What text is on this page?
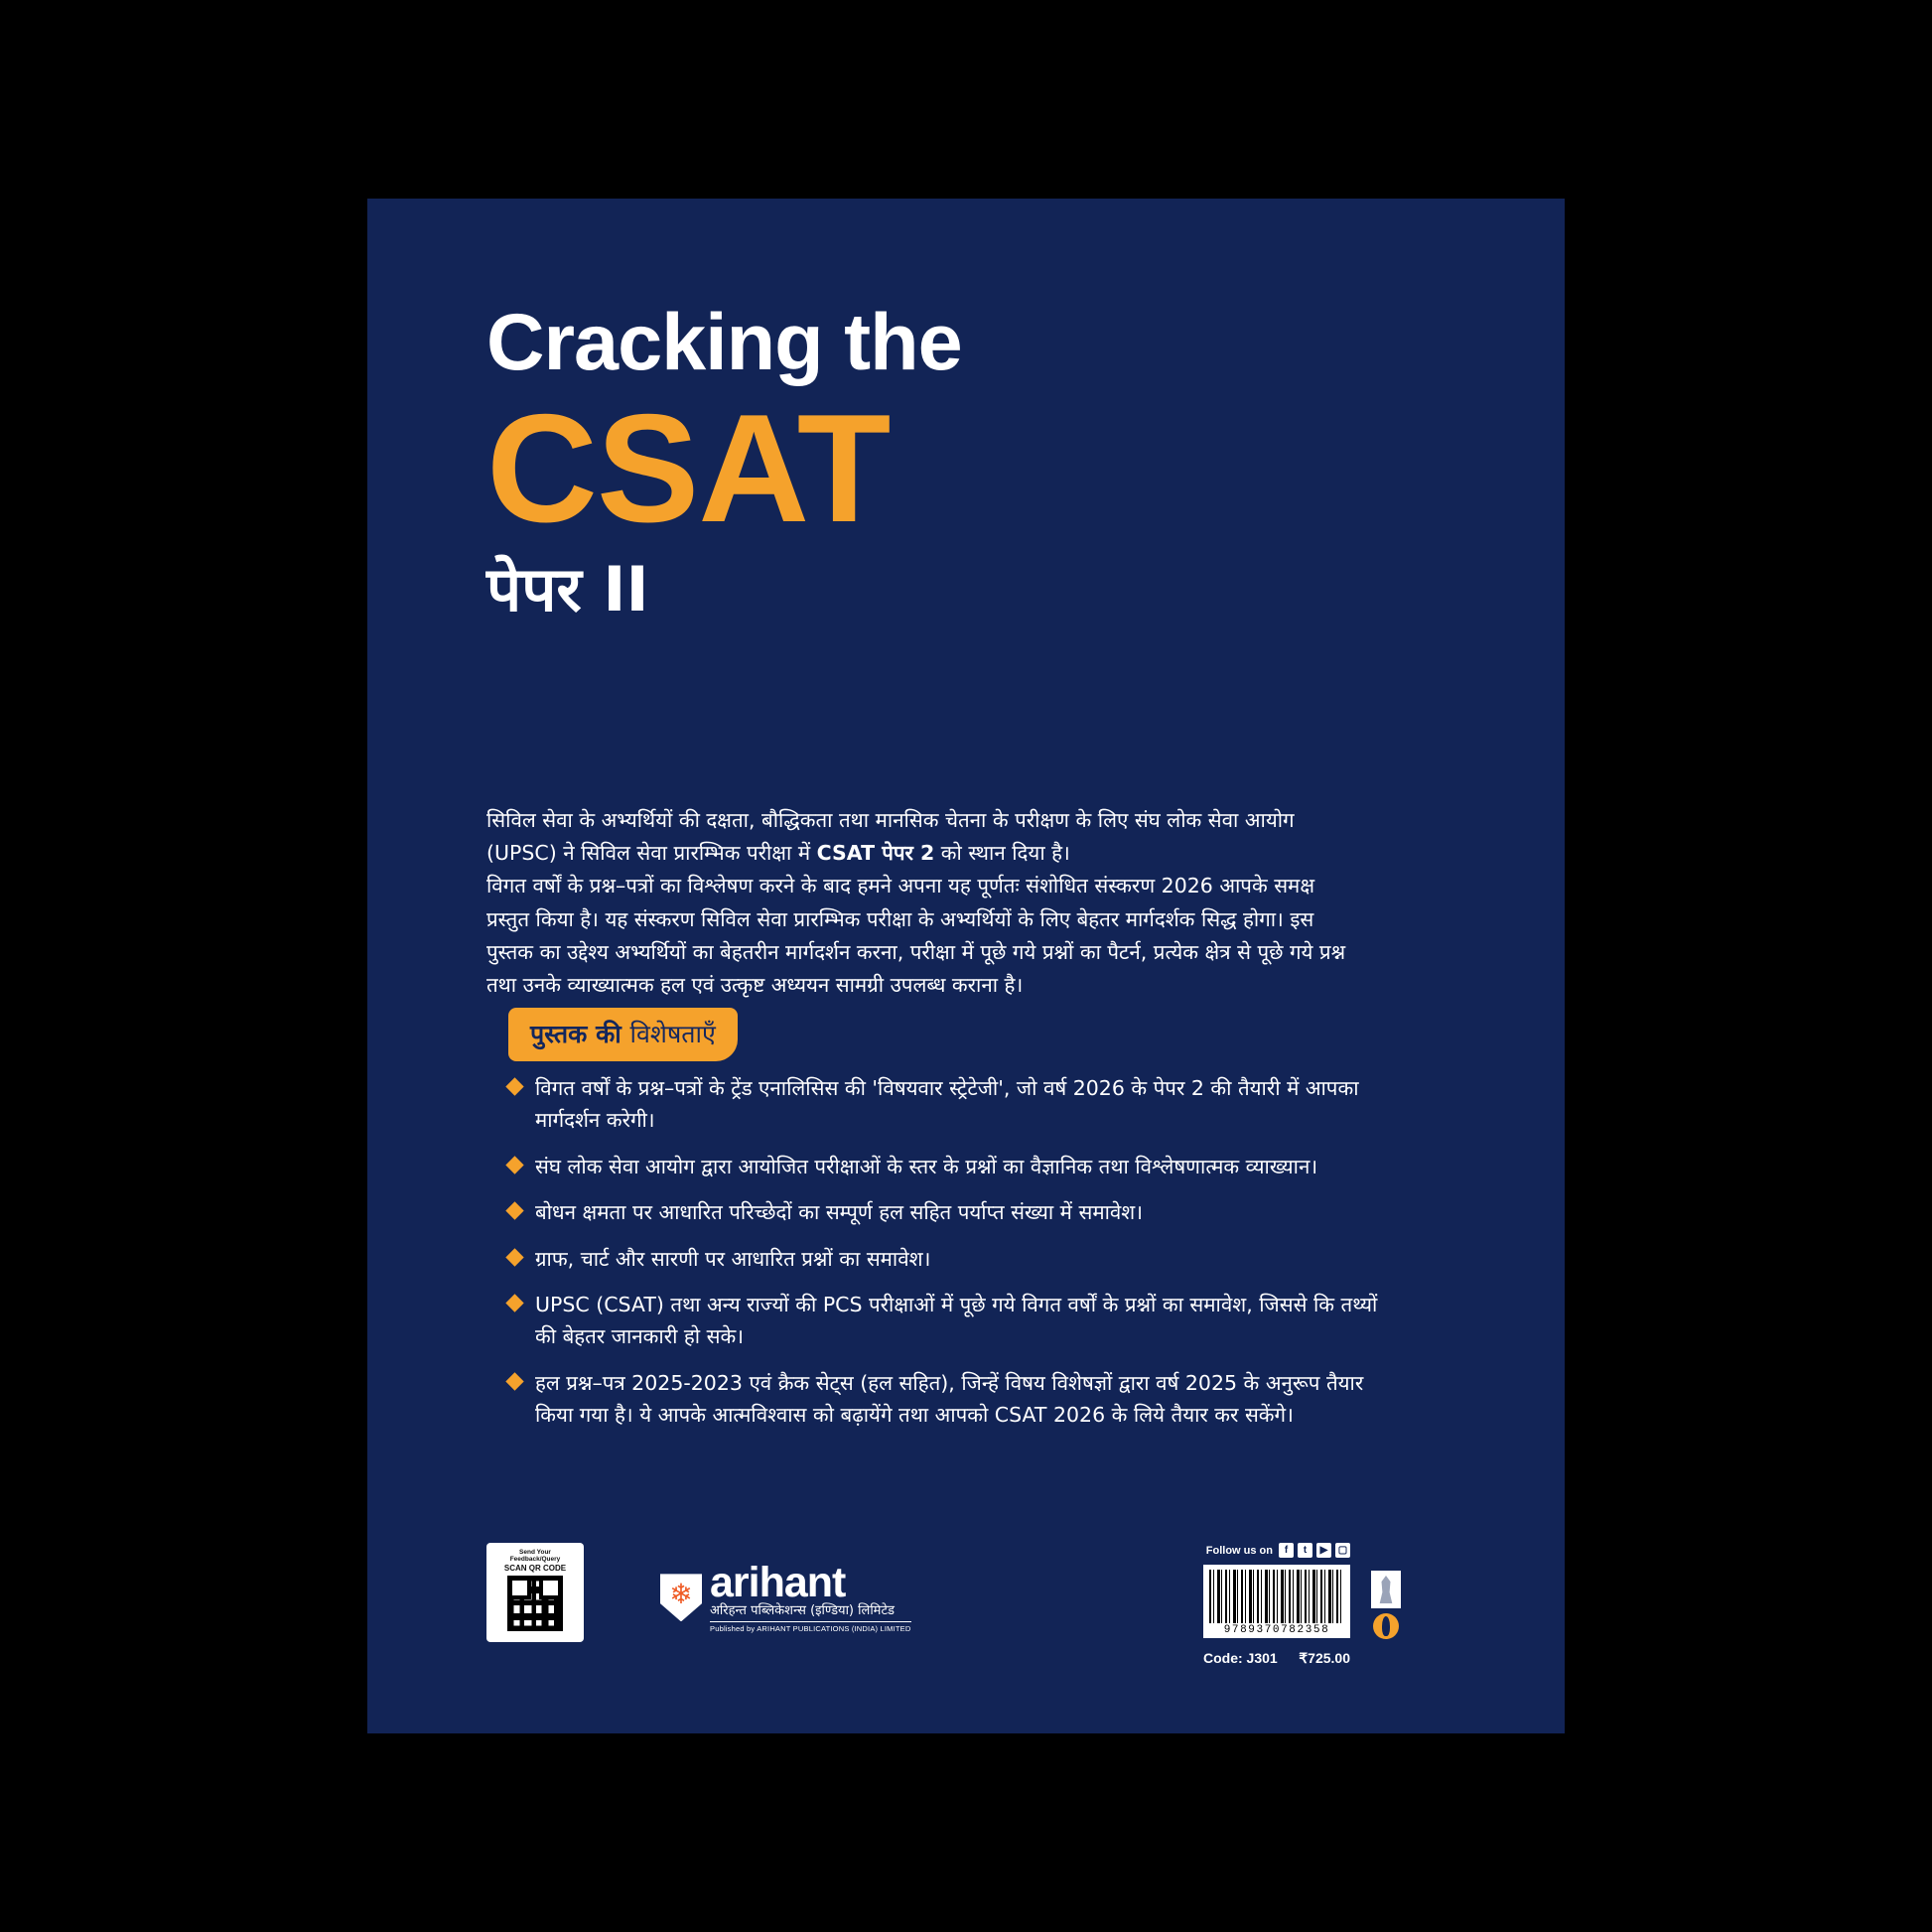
Cracking the
CSAT
पेपर II

सिविल सेवा के अभ्यर्थियों की दक्षता, बौद्धिकता तथा मानसिक चेतना के परीक्षण के लिए संघ लोक सेवा आयोग (UPSC) ने सिविल सेवा प्रारम्भिक परीक्षा में CSAT पेपर 2 को स्थान दिया है।

विगत वर्षों के प्रश्न–पत्रों का विश्लेषण करने के बाद हमने अपना यह पूर्णतः संशोधित संस्करण 2026 आपके समक्ष प्रस्तुत किया है। यह संस्करण सिविल सेवा प्रारम्भिक परीक्षा के अभ्यर्थियों के लिए बेहतर मार्गदर्शक सिद्ध होगा। इस पुस्तक का उद्देश्य अभ्यर्थियों का बेहतरीन मार्गदर्शन करना, परीक्षा में पूछे गये प्रश्नों का पैटर्न, प्रत्येक क्षेत्र से पूछे गये प्रश्न तथा उनके व्याख्यात्मक हल एवं उत्कृष्ट अध्ययन सामग्री उपलब्ध कराना है।

पुस्तक की विशेषताएँ
विगत वर्षों के प्रश्न–पत्रों के ट्रेंड एनालिसिस की 'विषयवार स्ट्रेटेजी', जो वर्ष 2026 के पेपर 2 की तैयारी में आपका मार्गदर्शन करेगी।
संघ लोक सेवा आयोग द्वारा आयोजित परीक्षाओं के स्तर के प्रश्नों का वैज्ञानिक तथा विश्लेषणात्मक व्याख्यान।
बोधन क्षमता पर आधारित परिच्छेदों का सम्पूर्ण हल सहित पर्याप्त संख्या में समावेश।
ग्राफ, चार्ट और सारणी पर आधारित प्रश्नों का समावेश।
UPSC (CSAT) तथा अन्य राज्यों की PCS परीक्षाओं में पूछे गये विगत वर्षों के प्रश्नों का समावेश, जिससे कि तथ्यों की बेहतर जानकारी हो सके।
हल प्रश्न–पत्र 2025-2023 एवं क्रैक सेट्स (हल सहित), जिन्हें विषय विशेषज्ञों द्वारा वर्ष 2025 के अनुरूप तैयार किया गया है। ये आपके आत्मविश्वास को बढ़ायेंगे तथा आपको CSAT 2026 के लिये तैयार कर सकेंगे।
Send Your Feedback/Query
SCAN QR CODE
❄ arihant
अरिहन्त पब्लिकेशन्स (इण्डिया) लिमिटेड
Published by ARIHANT PUBLICATIONS (INDIA) LIMITED
Follow us on	f	t	▶	▢
9789370782358
Code: J301 ₹725.00
